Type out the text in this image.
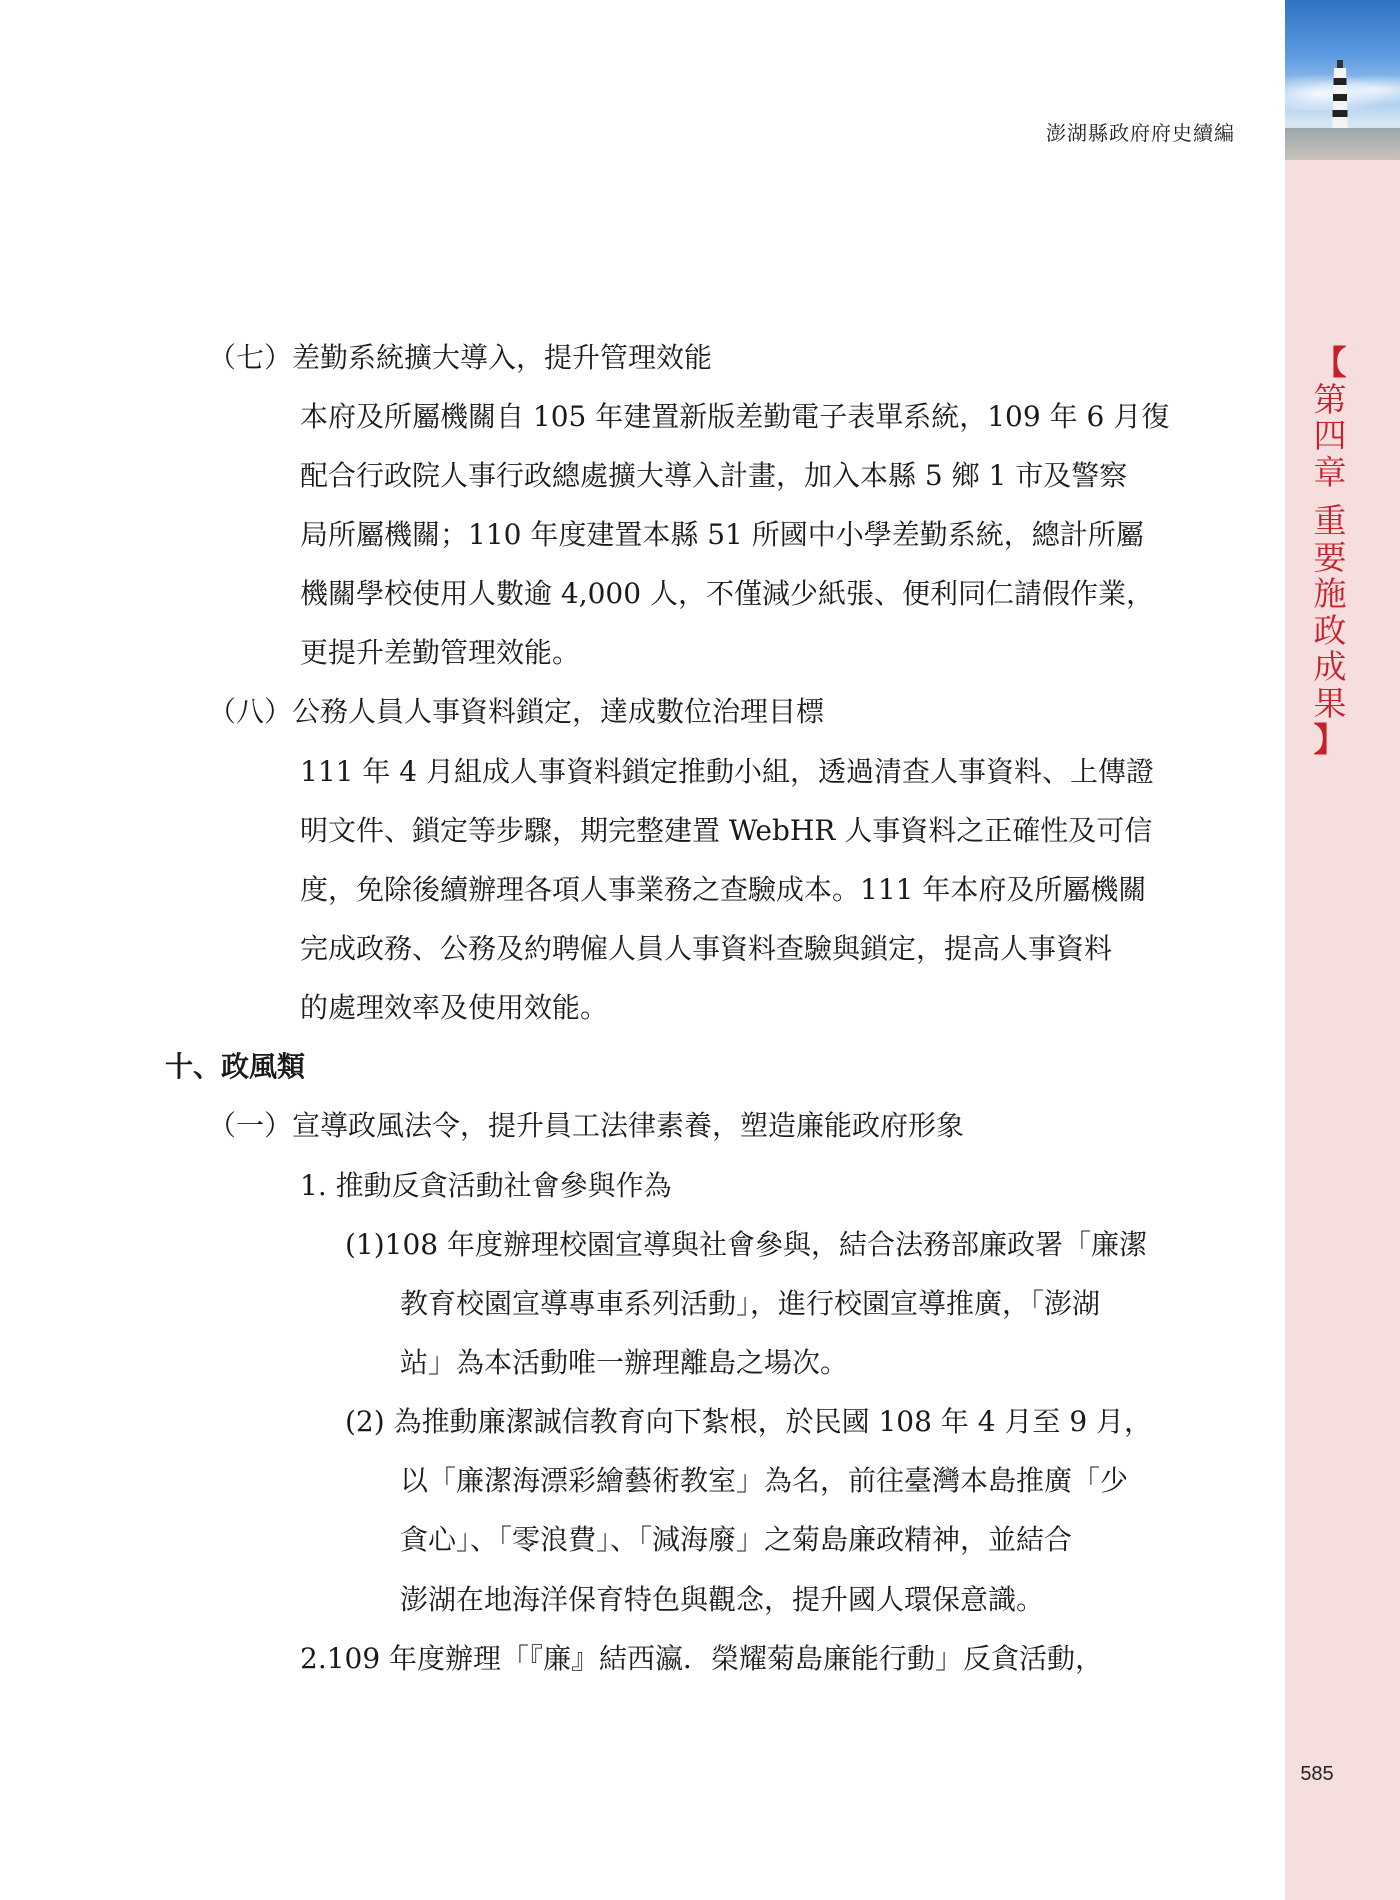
澎湖縣政府府史續編
【
第
四
章
重
要
施
政
成
果
】
585
（七）差勤系統擴大導入，提升管理效能
本府及所屬機關自 105 年建置新版差勤電子表單系統，109 年 6 月復
配合行政院人事行政總處擴大導入計畫，加入本縣 5 鄉 1 市及警察
局所屬機關；110 年度建置本縣 51 所國中小學差勤系統，總計所屬
機關學校使用人數逾 4,000 人，不僅減少紙張、便利同仁請假作業，
更提升差勤管理效能。
（八）公務人員人事資料鎖定，達成數位治理目標
111 年 4 月組成人事資料鎖定推動小組，透過清查人事資料、上傳證
明文件、鎖定等步驟，期完整建置 WebHR 人事資料之正確性及可信
度，免除後續辦理各項人事業務之查驗成本。111 年本府及所屬機關
完成政務、公務及約聘僱人員人事資料查驗與鎖定，提高人事資料
的處理效率及使用效能。
十、政風類
（一）宣導政風法令，提升員工法律素養，塑造廉能政府形象
1. 推動反貪活動社會參與作為
(1)108 年度辦理校園宣導與社會參與，結合法務部廉政署「廉潔
教育校園宣導專車系列活動」，進行校園宣導推廣，「澎湖
站」為本活動唯一辦理離島之場次。
(2) 為推動廉潔誠信教育向下紮根，於民國 108 年 4 月至 9 月，
以「廉潔海漂彩繪藝術教室」為名，前往臺灣本島推廣「少
貪心」、「零浪費」、「減海廢」之菊島廉政精神，並結合
澎湖在地海洋保育特色與觀念，提升國人環保意識。
2.109 年度辦理「『廉』結西瀛．榮耀菊島廉能行動」反貪活動，
